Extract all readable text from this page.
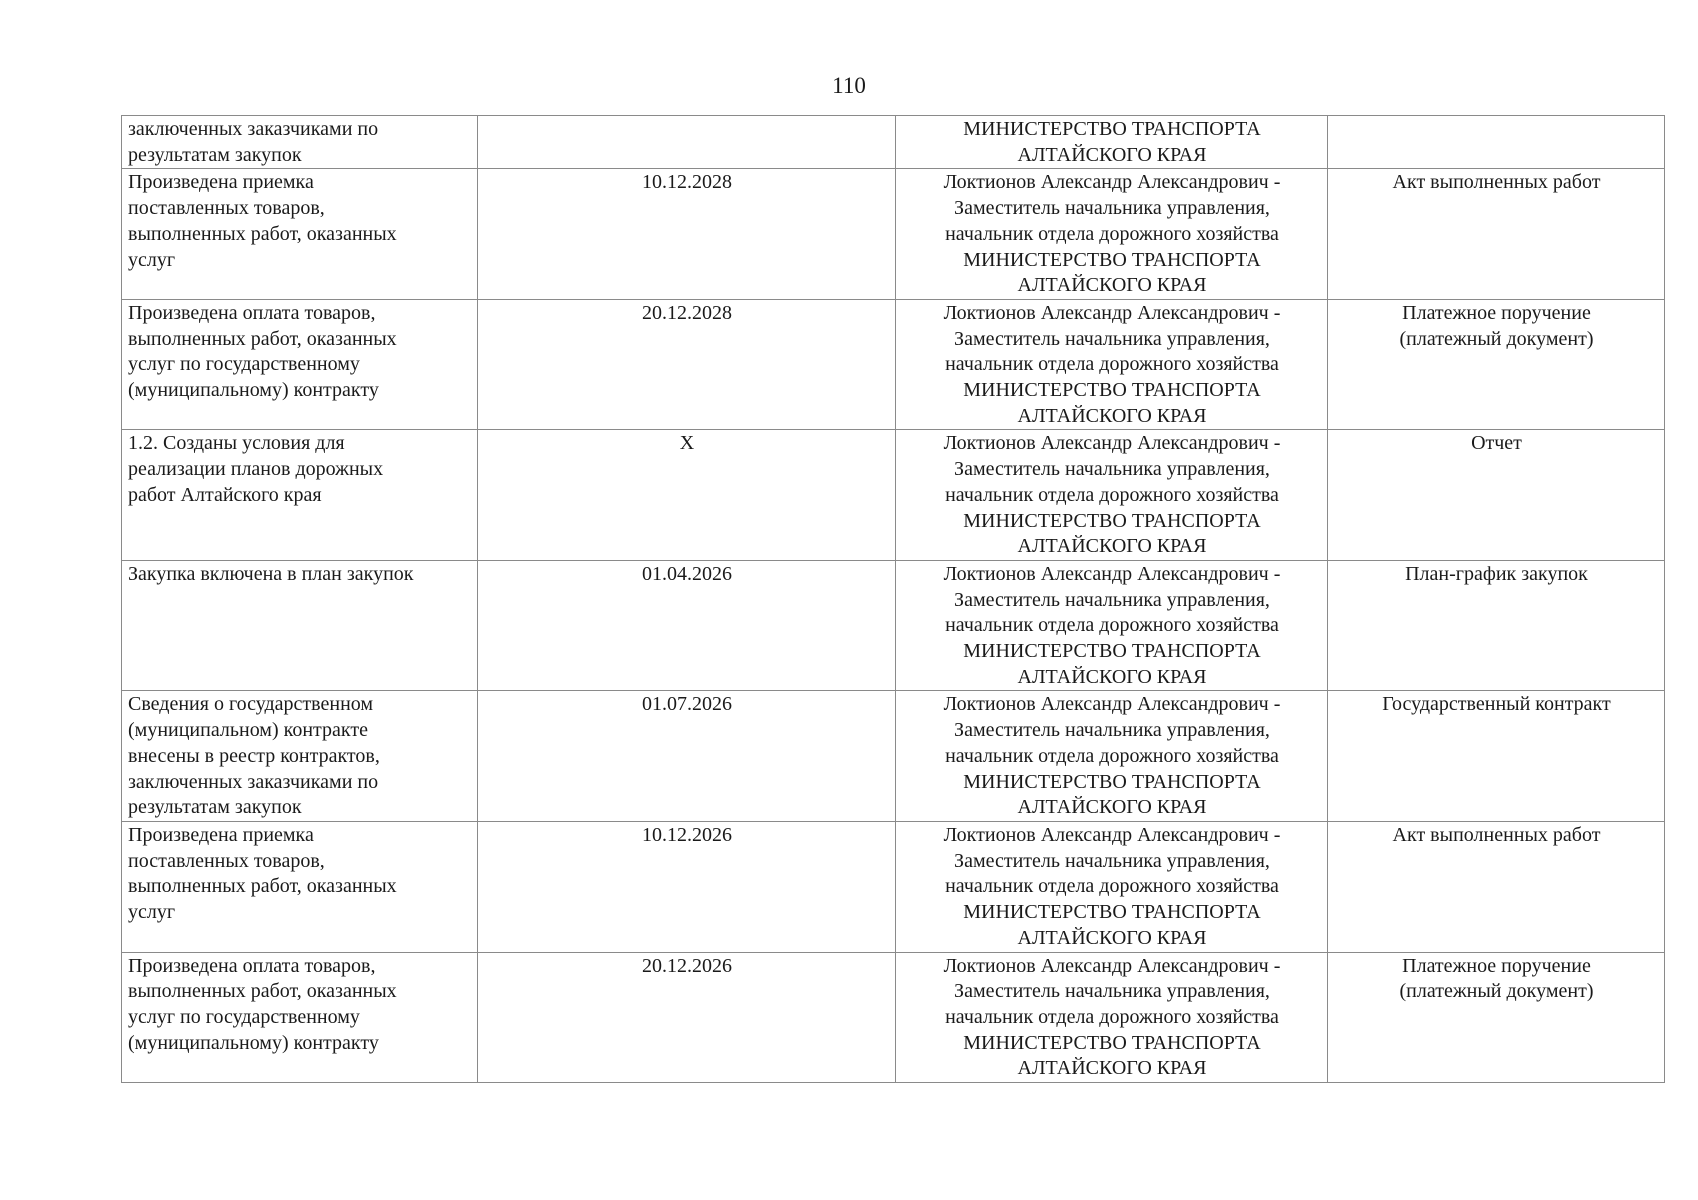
110
заключенных заказчиками по
результатам закупок		МИНИСТЕРСТВО ТРАНСПОРТА
АЛТАЙСКОГО КРАЯ	

Произведена приемка
поставленных товаров,
выполненных работ, оказанных
услуг	10.12.2028	Локтионов Александр Александрович -
Заместитель начальника управления,
начальник отдела дорожного хозяйства
МИНИСТЕРСТВО ТРАНСПОРТА
АЛТАЙСКОГО КРАЯ	Акт выполненных работ

Произведена оплата товаров,
выполненных работ, оказанных
услуг по государственному
(муниципальному) контракту	20.12.2028	Локтионов Александр Александрович -
Заместитель начальника управления,
начальник отдела дорожного хозяйства
МИНИСТЕРСТВО ТРАНСПОРТА
АЛТАЙСКОГО КРАЯ	Платежное поручение
(платежный документ)

1.2. Созданы условия для
реализации планов дорожных
работ Алтайского края	X	Локтионов Александр Александрович -
Заместитель начальника управления,
начальник отдела дорожного хозяйства
МИНИСТЕРСТВО ТРАНСПОРТА
АЛТАЙСКОГО КРАЯ	Отчет

Закупка включена в план закупок	01.04.2026	Локтионов Александр Александрович -
Заместитель начальника управления,
начальник отдела дорожного хозяйства
МИНИСТЕРСТВО ТРАНСПОРТА
АЛТАЙСКОГО КРАЯ	План-график закупок

Сведения о государственном
(муниципальном) контракте
внесены в реестр контрактов,
заключенных заказчиками по
результатам закупок	01.07.2026	Локтионов Александр Александрович -
Заместитель начальника управления,
начальник отдела дорожного хозяйства
МИНИСТЕРСТВО ТРАНСПОРТА
АЛТАЙСКОГО КРАЯ	Государственный контракт

Произведена приемка
поставленных товаров,
выполненных работ, оказанных
услуг	10.12.2026	Локтионов Александр Александрович -
Заместитель начальника управления,
начальник отдела дорожного хозяйства
МИНИСТЕРСТВО ТРАНСПОРТА
АЛТАЙСКОГО КРАЯ	Акт выполненных работ

Произведена оплата товаров,
выполненных работ, оказанных
услуг по государственному
(муниципальному) контракту	20.12.2026	Локтионов Александр Александрович -
Заместитель начальника управления,
начальник отдела дорожного хозяйства
МИНИСТЕРСТВО ТРАНСПОРТА
АЛТАЙСКОГО КРАЯ	Платежное поручение
(платежный документ)
